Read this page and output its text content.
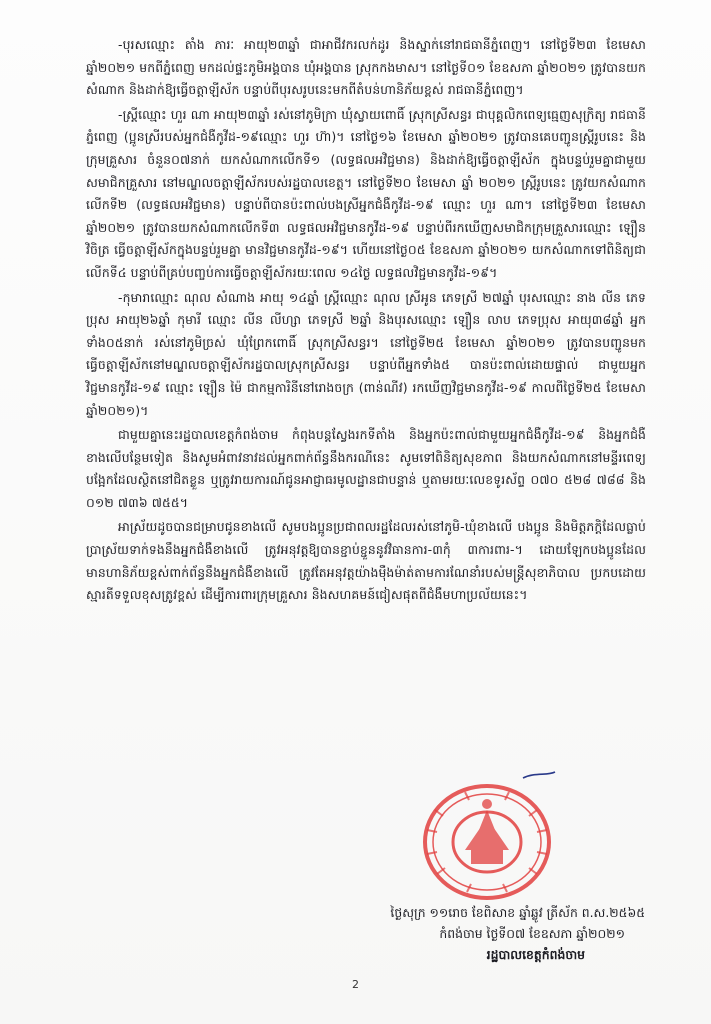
-បុរសឈ្មោះ តាំង ភារៈ អាយុ២៣ឆ្នាំ ជាអាជីវករលក់ដូរ និងស្នាក់នៅរាជធានីភ្នំពេញ។ នៅថ្ងៃទី២៣ ខែមេសា ឆ្នាំ២០២១ មកពីភ្នំពេញ មកដល់ផ្ទះភូមិអង្គបាន ឃុំអង្គបាន ស្រុកកងមាស។ នៅថ្ងៃទី០១ ខែឧសភា ឆ្នាំ២០២១ ត្រូវបានយកសំណាក និងដាក់ឱ្យធ្វើចត្តាឡីស័ក បន្ទាប់ពីបុរសរូបនេះមកពីតំបន់ហានិភ័យខ្ពស់ រាជធានីភ្នំពេញ។

-ស្ត្រីឈ្មោះ ហួរ ណា អាយុ២៣ឆ្នាំ រស់នៅភូមិក្រា ឃុំស្វាយពោធិ៍ ស្រុកស្រីសន្ធរ ជាបុគ្គលិកពេទ្យធ្មេញសុក្រិត្យ រាជធានីភ្នំពេញ (ប្អូនស្រីរបស់អ្នកជំងឺកូវីដ-១៩ឈ្មោះ ហួរ ហ៊ា)។ នៅថ្ងៃ១៦ ខែមេសា ឆ្នាំ២០២១ ត្រូវបានគេបញ្ជូនស្ត្រីរូបនេះ និងក្រុមគ្រួសារ ចំនួន០៧នាក់ យកសំណាកលើកទី១ (លទ្ធផលអវិជ្ជមាន) និងដាក់ឱ្យធ្វើចត្តាឡីស័ក ក្នុងបន្ទប់រួមគ្នាជាមួយសមាជិកគ្រួសារ នៅមណ្ឌលចត្តាឡីស័ករបស់រដ្ឋបាលខេត្ត។ នៅថ្ងៃទី២០ ខែមេសា ឆ្នាំ ២០២១ ស្ត្រីរូបនេះ ត្រូវយកសំណាកលើកទី២ (លទ្ធផលអវិជ្ជមាន) បន្ទាប់ពីបានប៉ះពាល់បងស្រីអ្នកជំងឺកូវីដ-១៩ ឈ្មោះ ហួរ ណា។ នៅថ្ងៃទី២៣ ខែមេសា ឆ្នាំ២០២១ ត្រូវបានយកសំណាកលើកទី៣ លទ្ធផលអវិជ្ជមានកូវីដ-១៩ បន្ទាប់ពីរកឃើញសមាជិកក្រុមគ្រួសារឈ្មោះ ឡឿន វិចិត្រ ធ្វើចត្តាឡីស័កក្នុងបន្ទប់រួមគ្នា មានវិជ្ជមានកូវីដ-១៩។ ហើយនៅថ្ងៃ០៥ ខែឧសភា ឆ្នាំ២០២១ យកសំណាកទៅពិនិត្យជាលើកទី៤ បន្ទាប់ពីគ្រប់បញ្ចប់ការធ្វើចត្តាឡីស័ករយៈពេល ១៤ថ្ងៃ លទ្ធផលវិជ្ជមានកូវីដ-១៩។

-កុមារាឈ្មោះ ណុល សំណាង អាយុ ១៤ឆ្នាំ ស្ត្រីឈ្មោះ ណុល ស្រីអូន ភេទស្រី ២៧ឆ្នាំ បុរសឈ្មោះ នាង លីន ភេទប្រុស អាយុ២៦ឆ្នាំ កុមារី ឈ្មោះ លីន លីហ្សា ភេទស្រី ២ឆ្នាំ និងបុរសឈ្មោះ ឡឿន លាប ភេទប្រុស អាយុ៣៨ឆ្នាំ អ្នកទាំង០៥នាក់ រស់នៅភូមិច្រស់ ឃុំព្រែកពោធិ៍ ស្រុកស្រីសន្ធរ។ នៅថ្ងៃទី២៥ ខែមេសា ឆ្នាំ២០២១ ត្រូវបានបញ្ជូនមកធ្វើចត្តាឡីស័កនៅមណ្ឌលចត្តាឡីស័ករដ្ឋបាលស្រុកស្រីសន្ធរ បន្ទាប់ពីអ្នកទាំង៥ បានប៉ះពាល់ដោយផ្ទាល់ ជាមួយអ្នកវិជ្ជមានកូវីដ-១៩ ឈ្មោះ ឡឿន ម៉ៃ ជាកម្មការិនីនៅរោងចក្រ (ពាន់ណីវ) រកឃើញវិជ្ជមានកូវីដ-១៩ កាលពីថ្ងៃទី២៥ ខែមេសា ឆ្នាំ២០២១)។

ជាមួយគ្នានេះរដ្ឋបាលខេត្តកំពង់ចាម កំពុងបន្តស្វែងរកទីតាំង និងអ្នកប៉ះពាល់ជាមួយអ្នកជំងឺកូវីដ-១៩ និងអ្នកជំងឺខាងលើបន្ថែមទៀត និងសូមអំពាវនាវដល់អ្នកពាក់ព័ន្ធនឹងករណីនេះ សូមទៅពិនិត្យសុខភាព និងយកសំណាកនៅមន្ទីរពេទ្យបង្អែកដែលស្ថិតនៅជិតខ្លួន ឬត្រូវរាយការណ៍ជូនអាជ្ញាធរមូលដ្ឋានជាបន្ទាន់ ឬតាមរយៈលេខទូរស័ព្ទ ០៧០ ៥២៨ ៧៨៨ និង ០១២ ៧៣៦ ៧៥៥។

អាស្រ័យដូចបានជម្រាបជូនខាងលើ សូមបងប្អូនប្រជាពលរដ្ឋដែលរស់នៅភូមិ-ឃុំខាងលើ បងប្អូន និងមិត្តភក្តិដែលធ្លាប់ប្រាស្រ័យទាក់ទងនឹងអ្នកជំងឺខាងលើ ត្រូវអនុវត្តឱ្យបានខ្ជាប់ខ្ជួននូវវិធានការ-៣កុំ ៣ការពារ-។ ដោយឡែកបងប្អូនដែលមានហានិភ័យខ្ពស់ពាក់ព័ន្ធនឹងអ្នកជំងឺខាងលើ ត្រូវតែអនុវត្តយ៉ាងម៉ឺងម៉ាត់តាមការណែនាំរបស់មន្ត្រីសុខាភិបាល ប្រកបដោយស្មារតីទទួលខុសត្រូវខ្ពស់ ដើម្បីការពារក្រុមគ្រួសារ និងសហគមន៍ជៀសផុតពីជំងឺមហាប្រល័យនេះ។

ថ្ងៃសុក្រ ១១រោច ខែពិសាខ ឆ្នាំឆ្លូវ ត្រីស័ក ព.ស.២៥៦៥
កំពង់ចាម ថ្ងៃទី០៧ ខែឧសភា ឆ្នាំ២០២១
រដ្ឋបាលខេត្តកំពង់ចាម
2
